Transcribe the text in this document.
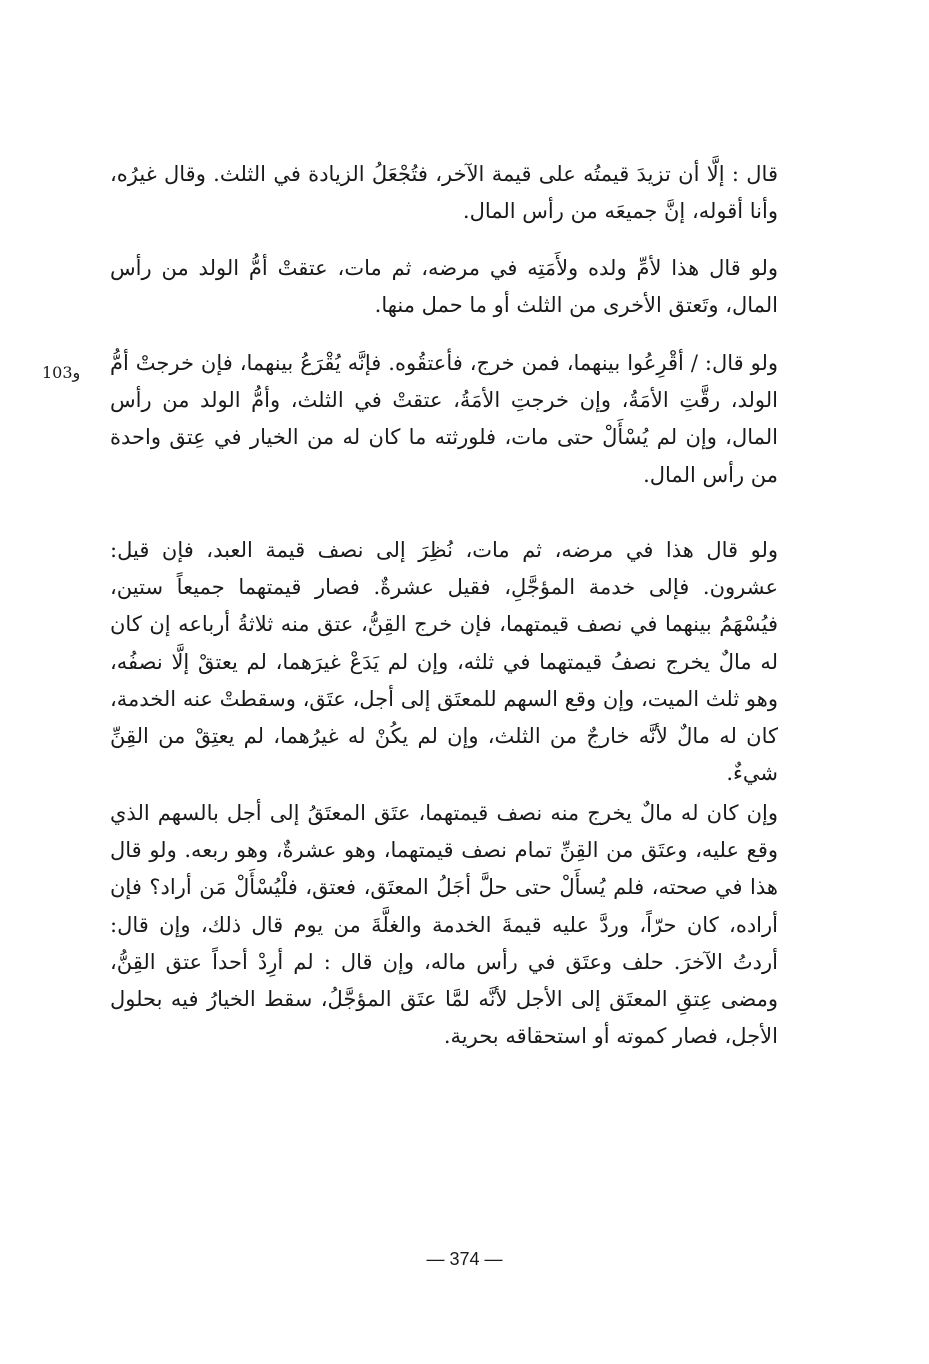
قال : إلَّا أن تزيدَ قيمتُه على قيمة الآخر، فتُجْعَلُ الزيادة في الثلث. وقال غيرُه، وأنا أقوله، إنَّ جميعَه من رأس المال.

ولو قال هذا لأمِّ ولده ولأَمَتِه في مرضه، ثم مات، عتقتْ أمُّ الولد من رأس المال، وتَعتق الأخرى من الثلث أو ما حمل منها.

ﻭ103 ولو قال: / أقْرِعُوا بينهما، فمن خرج، فأعتقُوه. فإنَّه يُقْرَعُ بينهما، فإن خرجتْ أمُّ الولد، رقَّتِ الأمَةُ، وإن خرجتِ الأمَةُ، عتقتْ في الثلث، وأمُّ الولد من رأس المال، وإن لم يُسْأَلْ حتى مات، فلورثته ما كان له من الخيار في عِتق واحدة من رأس المال.

ولو قال هذا في مرضه، ثم مات، نُظِرَ إلى نصف قيمة العبد، فإن قيل: عشرون. فإلى خدمة المؤجَّلِ، فقيل عشرةٌ. فصار قيمتهما جميعاً ستين، فيُسْهَمُ بينهما في نصف قيمتهما، فإن خرج القِنُّ، عتق منه ثلاثةُ أرباعه إن كان له مالٌ يخرج نصفُ قيمتهما في ثلثه، وإن لم يَدَعْ غيرَهما، لم يعتقْ إلَّا نصفُه، وهو ثلث الميت، وإن وقع السهم للمعتَق إلى أجل، عتَق، وسقطتْ عنه الخدمة، كان له مالٌ لأنَّه خارجٌ من الثلث، وإن لم يكُنْ له غيرُهما، لم يعتِقْ من القِنِّ شيءٌ.

وإن كان له مالٌ يخرج منه نصف قيمتهما، عتَق المعتَقُ إلى أجل بالسهم الذي وقع عليه، وعتَق من القِنِّ تمام نصف قيمتهما، وهو عشرةٌ، وهو ربعه. ولو قال هذا في صحته، فلم يُسأَلْ حتى حلَّ أجَلُ المعتَق، فعتق، فلْيُسْأَلْ مَن أراد؟ فإن أراده، كان حرّاً، وردَّ عليه قيمةَ الخدمة والغلَّةَ من يوم قال ذلك، وإن قال: أردتُ الآخرَ. حلف وعتَق في رأس ماله، وإن قال : لم أرِدْ أحداً عتق القِنُّ، ومضى عِتقِ المعتَق إلى الأجل لأنَّه لمَّا عتَق المؤجَّلُ، سقط الخيارُ فيه بحلول الأجل، فصار كموته أو استحقاقه بحرية.

— 374 —
